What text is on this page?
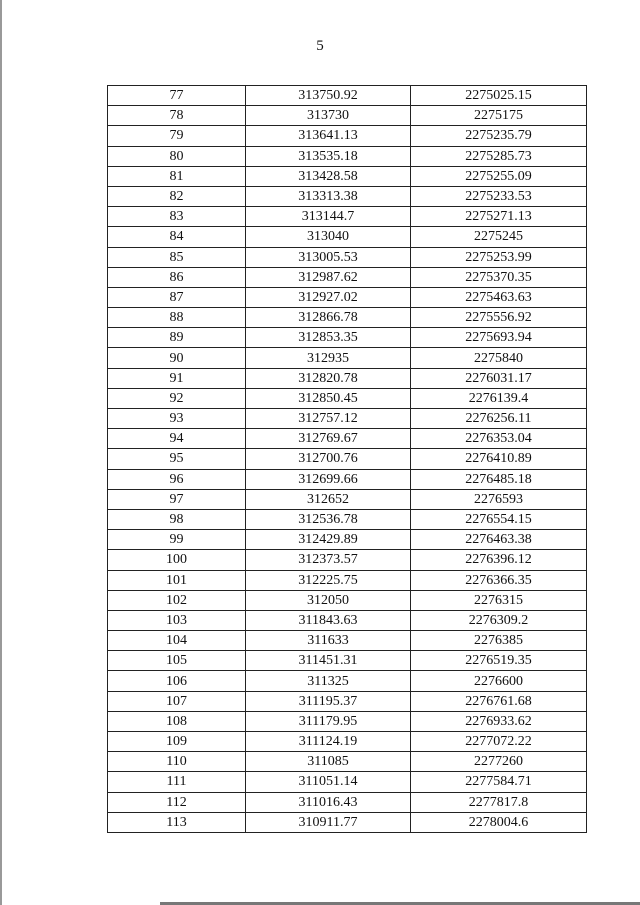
5
77	313750.92	2275025.15
78	313730	2275175
79	313641.13	2275235.79
80	313535.18	2275285.73
81	313428.58	2275255.09
82	313313.38	2275233.53
83	313144.7	2275271.13
84	313040	2275245
85	313005.53	2275253.99
86	312987.62	2275370.35
87	312927.02	2275463.63
88	312866.78	2275556.92
89	312853.35	2275693.94
90	312935	2275840
91	312820.78	2276031.17
92	312850.45	2276139.4
93	312757.12	2276256.11
94	312769.67	2276353.04
95	312700.76	2276410.89
96	312699.66	2276485.18
97	312652	2276593
98	312536.78	2276554.15
99	312429.89	2276463.38
100	312373.57	2276396.12
101	312225.75	2276366.35
102	312050	2276315
103	311843.63	2276309.2
104	311633	2276385
105	311451.31	2276519.35
106	311325	2276600
107	311195.37	2276761.68
108	311179.95	2276933.62
109	311124.19	2277072.22
110	311085	2277260
111	311051.14	2277584.71
112	311016.43	2277817.8
113	310911.77	2278004.6
